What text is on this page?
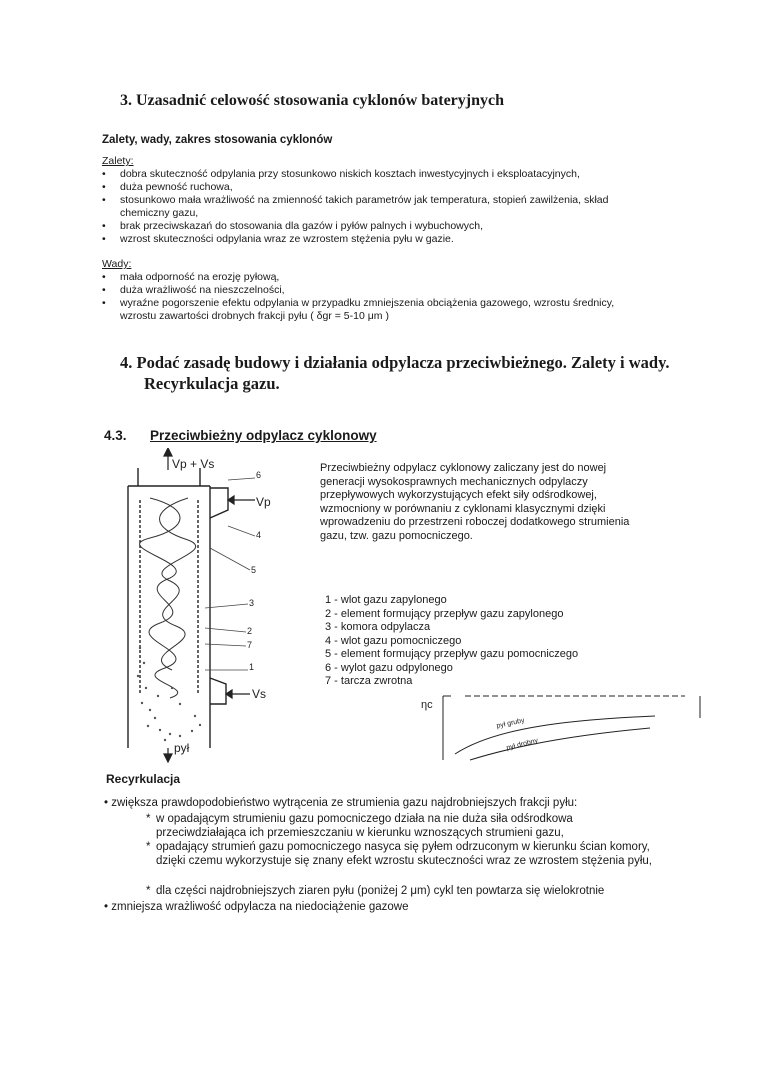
3. Uzasadnić celowość stosowania cyklonów bateryjnych
Zalety, wady, zakres stosowania cyklonów
Zalety:
• dobra skuteczność odpylania przy stosunkowo niskich kosztach inwestycyjnych i eksploatacyjnych,
• duża pewność ruchowa,
• stosunkowo mała wrażliwość na zmienność takich parametrów jak temperatura, stopień zawilżenia, skład chemiczny gazu,
• brak przeciwskazań do stosowania dla gazów i pyłów palnych i wybuchowych,
• wzrost skuteczności odpylania wraz ze wzrostem stężenia pyłu w gazie.
Wady:
• mała odporność na erozję pyłową,
• duża wrażliwość na nieszczelności,
• wyraźne pogorszenie efektu odpylania w przypadku zmniejszenia obciążenia gazowego, wzrostu średnicy, wzrostu zawartości drobnych frakcji pyłu ( δgr = 5-10 μm )
4. Podać zasadę budowy i działania odpylacza przeciwbieżnego. Zalety i wady.
Recyrkulacja gazu.
4.3. Przeciwbieżny odpylacz cyklonowy
Vp + Vs
Vp
Vs
pył
6
4
5
3
2
7
1
Przeciwbieżny odpylacz cyklonowy zaliczany jest do nowej generacji wysokosprawnych mechanicznych odpylaczy przepływowych wykorzystujących efekt siły odśrodkowej, wzmocniony w porównaniu z cyklonami klasycznymi dzięki wprowadzeniu do przestrzeni roboczej dodatkowego strumienia gazu, tzw. gazu pomocniczego.
1 - wlot gazu zapylonego
2 - element formujący przepływ gazu zapylonego
3 - komora odpylacza
4 - wlot gazu pomocniczego
5 - element formujący przepływ gazu pomocniczego
6 - wylot gazu odpylonego
7 - tarcza zwrotna
ηc
pył gruby
pył drobny
Recyrkulacja
• zwiększa prawdopodobieństwo wytrącenia ze strumienia gazu najdrobniejszych frakcji pyłu:
* w opadającym strumieniu gazu pomocniczego działa na nie duża siła odśrodkowa przeciwdziałająca ich przemieszczaniu w kierunku wznoszących strumieni gazu,
* opadający strumień gazu pomocniczego nasyca się pyłem odrzuconym w kierunku ścian komory, dzięki czemu wykorzystuje się znany efekt wzrostu skuteczności wraz ze wzrostem stężenia pyłu,
* dla części najdrobniejszych ziaren pyłu (poniżej 2 μm) cykl ten powtarza się wielokrotnie
• zmniejsza wrażliwość odpylacza na niedociążenie gazowe
